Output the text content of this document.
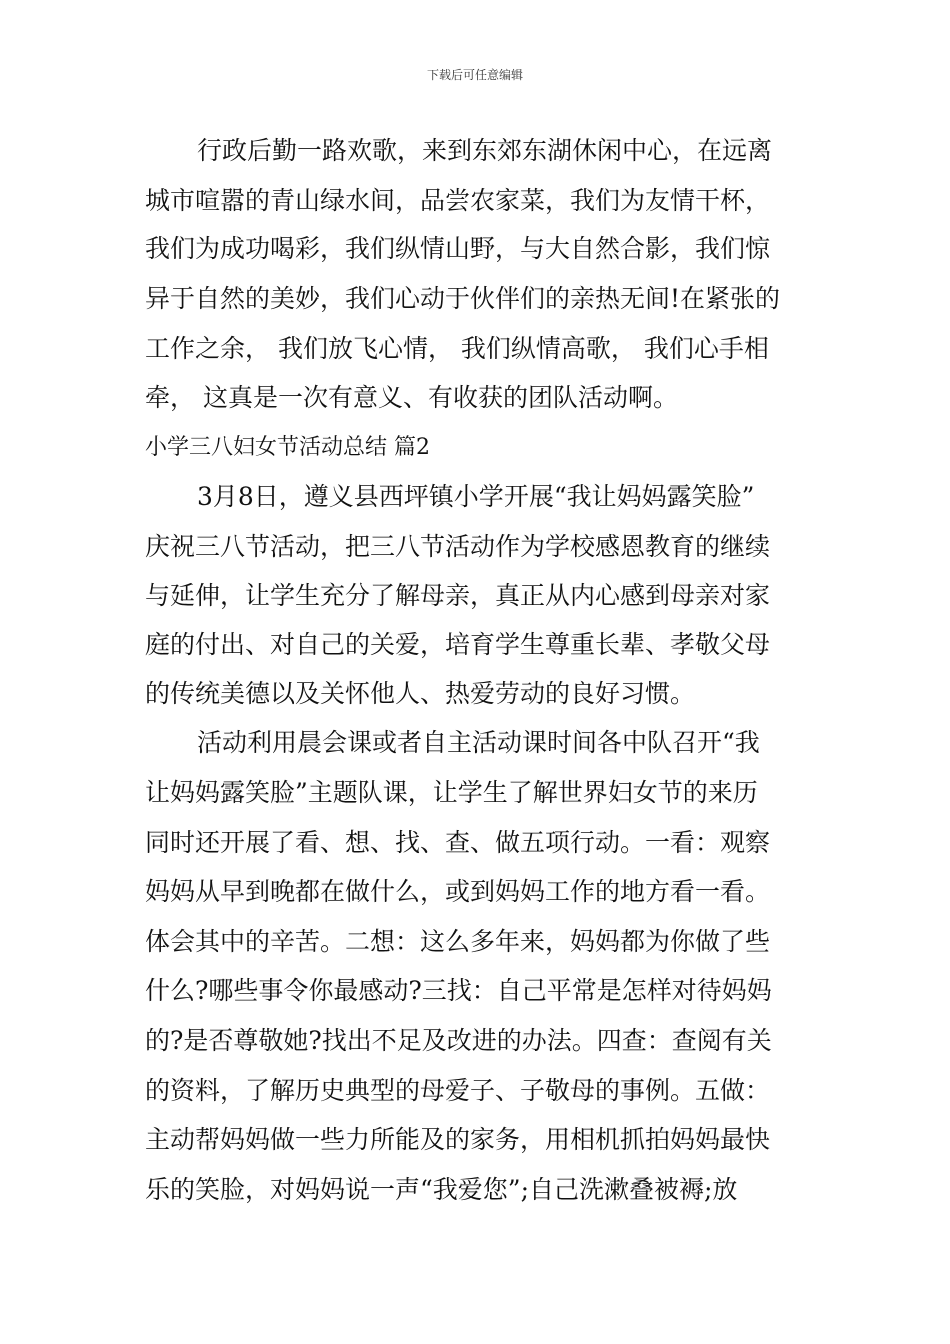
下载后可任意编辑
行政后勤一路欢歌，来到东郊东湖休闲中心，在远离
城市喧嚣的青山绿水间，品尝农家菜，我们为友情干杯，
我们为成功喝彩，我们纵情山野，与大自然合影，我们惊
异于自然的美妙，我们心动于伙伴们的亲热无间!在紧张的
工作之余， 我们放飞心情， 我们纵情高歌， 我们心手相
牵， 这真是一次有意义、有收获的团队活动啊。
小学三八妇女节活动总结 篇2
3月8日，遵义县西坪镇小学开展“我让妈妈露笑脸”
庆祝三八节活动，把三八节活动作为学校感恩教育的继续
与延伸，让学生充分了解母亲，真正从内心感到母亲对家
庭的付出、对自己的关爱，培育学生尊重长辈、孝敬父母
的传统美德以及关怀他人、热爱劳动的良好习惯。
活动利用晨会课或者自主活动课时间各中队召开“我
让妈妈露笑脸”主题队课，让学生了解世界妇女节的来历
同时还开展了看、想、找、查、做五项行动。一看：观察
妈妈从早到晚都在做什么，或到妈妈工作的地方看一看。
体会其中的辛苦。二想：这么多年来，妈妈都为你做了些
什么?哪些事令你最感动?三找：自己平常是怎样对待妈妈
的?是否尊敬她?找出不足及改进的办法。四查：查阅有关
的资料，了解历史典型的母爱子、子敬母的事例。五做：
主动帮妈妈做一些力所能及的家务，用相机抓拍妈妈最快
乐的笑脸，对妈妈说一声“我爱您”;自己洗漱叠被褥;放
